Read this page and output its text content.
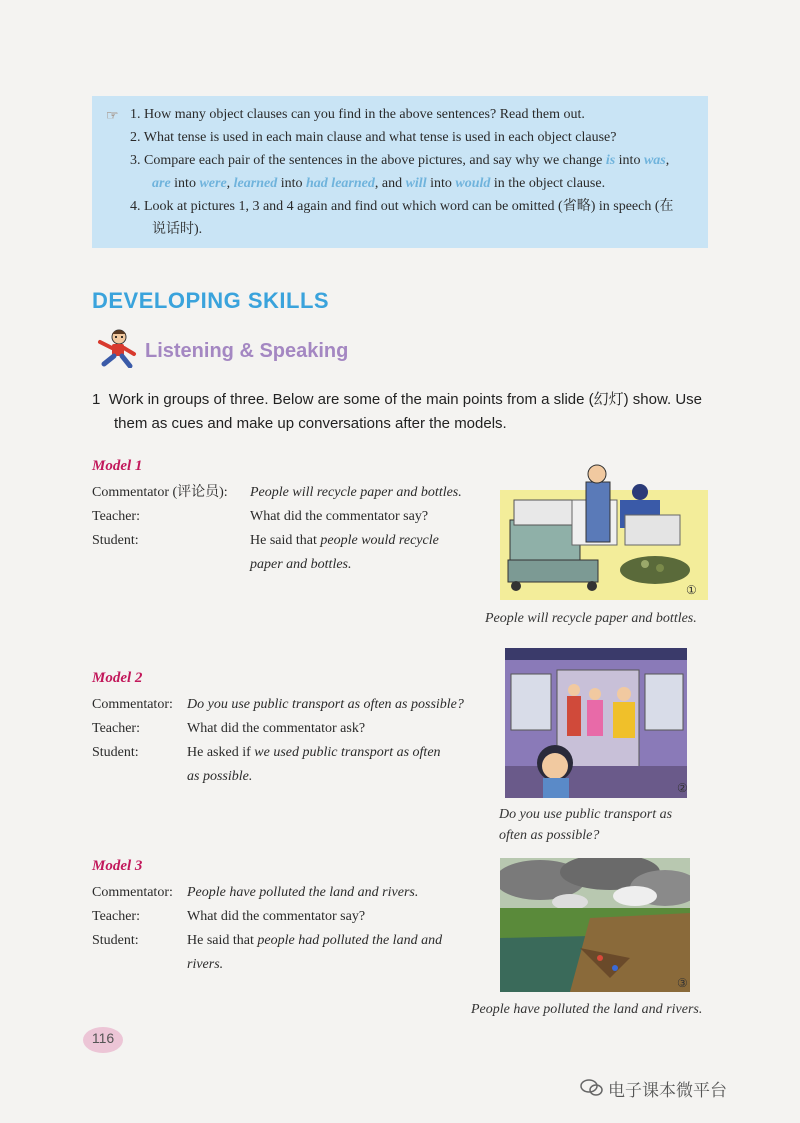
☞ 1. How many object clauses can you find in the above sentences? Read them out.
2. What tense is used in each main clause and what tense is used in each object clause?
3. Compare each pair of the sentences in the above pictures, and say why we change is into was,
are into were, learned into had learned, and will into would in the object clause.
4. Look at pictures 1, 3 and 4 again and find out which word can be omitted (省略) in speech (在
说话时).
DEVELOPING SKILLS
Listening & Speaking
1 Work in groups of three. Below are some of the main points from a slide (幻灯) show. Use
them as cues and make up conversations after the models.
Model 1
Commentator (评论员): People will recycle paper and bottles.
Teacher:	What did the commentator say?
Student:	He said that people would recycle
paper and bottles.
①
People will recycle paper and bottles.
Model 2
Commentator: Do you use public transport as often as possible?
Teacher:	What did the commentator ask?
Student:	He asked if we used public transport as often
as possible.
②
Do you use public transport as
often as possible?
Model 3
Commentator: People have polluted the land and rivers.
Teacher:	What did the commentator say?
Student:	He said that people had polluted the land and
rivers.
③
People have polluted the land and rivers.
116
电子课本微平台
